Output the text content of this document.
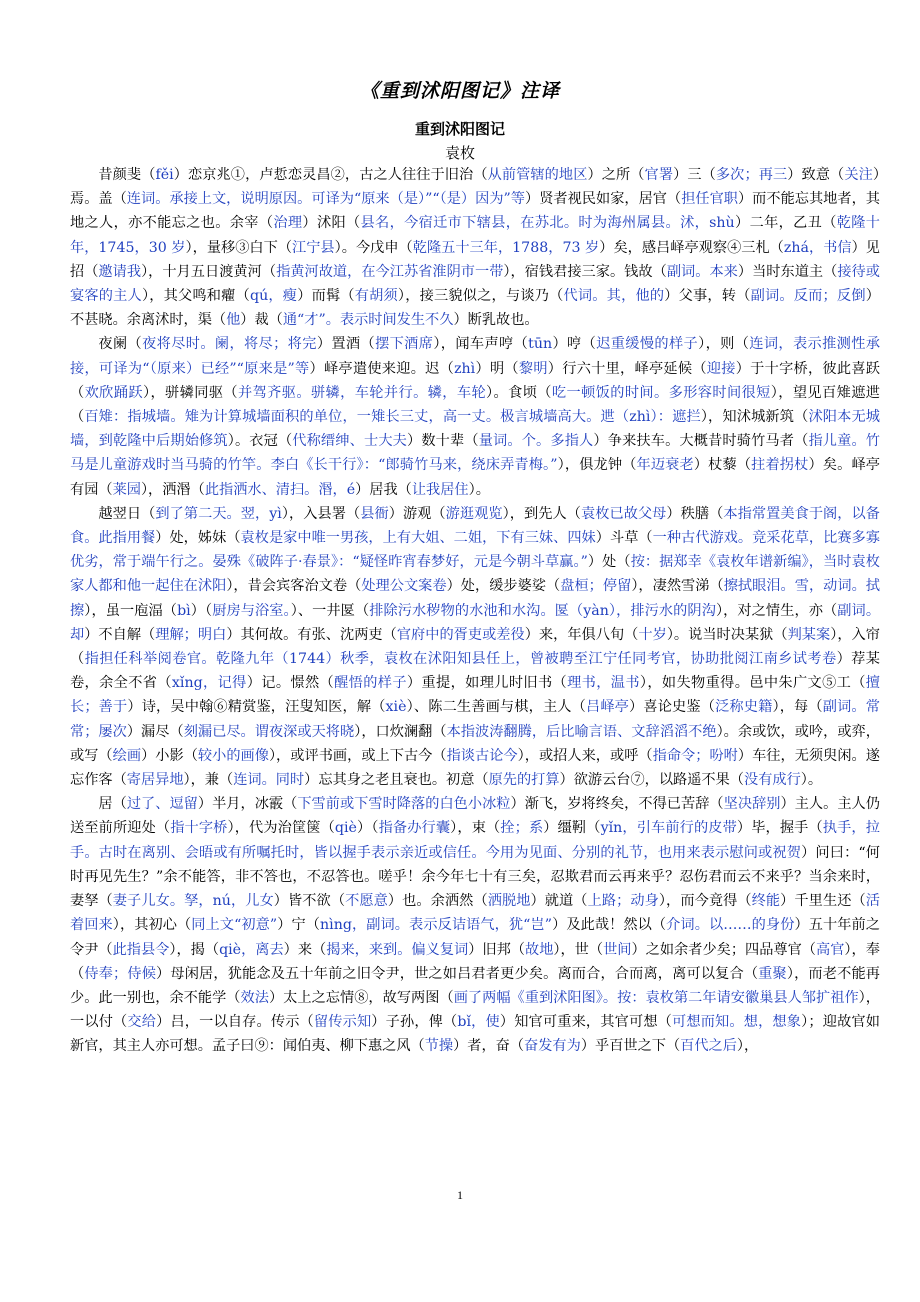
《重到沭阳图记》注译
重到沭阳图记
袁枚

昔颜斐（fěi）恋京兆①，卢悊恋灵昌②，古之人往往于旧治（从前管辖的地区）之所（官署）三（多次；再三）致意（关注）焉。盖（连词。承接上文，说明原因。可译为“原来（是）”“（是）因为”等）贤者视民如家，居官（担任官职）而不能忘其地者，其地之人，亦不能忘之也。余宰（治理）沭阳（县名，今宿迁市下辖县，在苏北。时为海州属县。沭，shù）二年，乙丑（乾隆十年，1745，30 岁），量移③白下（江宁县）。今戊申（乾隆五十三年，1788，73 岁）矣，感吕峄亭观察④三札（zhá，书信）见招（邀请我），十月五日渡黄河（指黄河故道，在今江苏省淮阴市一带），宿钱君接三家。钱故（副词。本来）当时东道主（接待或宴客的主人），其父鸣和癯（qú，瘦）而髯（有胡须），接三貌似之，与谈乃（代词。其，他的）父事，转（副词。反而；反倒）不甚晓。余离沭时，渠（他）裁（通“才”。表示时间发生不久）断乳故也。

夜阑（夜将尽时。阑，将尽；将完）置酒（摆下酒席），闻车声哼（tūn）哼（迟重缓慢的样子），则（连词，表示推测性承接，可译为“（原来）已经”“原来是”等）峄亭遣使来迎。迟（zhì）明（黎明）行六十里，峄亭延候（迎接）于十字桥，彼此喜跃（欢欣踊跃），骈辚同驱（并驾齐驱。骈辚，车轮并行。辚，车轮）。食顷（吃一顿饭的时间。多形容时间很短），望见百雉遮迣（百雉：指城墙。雉为计算城墙面积的单位，一雉长三丈，高一丈。极言城墙高大。迣（zhì）：遮拦），知沭城新筑（沭阳本无城墙，到乾隆中后期始修筑）。衣冠（代称缙绅、士大夫）数十辈（量词。个。多指人）争来扶车。大概昔时骑竹马者（指儿童。竹马是儿童游戏时当马骑的竹竿。李白《长干行》：“郎骑竹马来，绕床弄青梅。”），俱龙钟（年迈衰老）杖藜（拄着拐杖）矣。峄亭有园（莱园），洒湣（此指洒水、清扫。湣，é）居我（让我居住）。

越翌日（到了第二天。翌，yì），入县署（县衙）游观（游逛观览），到先人（袁枚已故父母）秩膳（本指常置美食于阁，以备食。此指用餐）处，姊妹（袁枚是家中唯一男孩，上有大姐、二姐，下有三妹、四妹）斗草（一种古代游戏。竞采花草，比赛多寡优劣，常于端午行之。晏殊《破阵子·春景》：“疑怪昨宵春梦好，元是今朝斗草赢。”）处（按：据郑幸《袁枚年谱新编》，当时袁枚家人都和他一起住在沭阳），昔会宾客治文卷（处理公文案卷）处，缓步婆娑（盘桓；停留），凄然雪涕（擦拭眼泪。雪，动词。拭擦），虽一庖湢（bì）（厨房与浴室。）、一井匽（排除污水秽物的水池和水沟。匽（yàn），排污水的阴沟），对之情生，亦（副词。却）不自解（理解；明白）其何故。有张、沈两吏（官府中的胥吏或差役）来，年俱八旬（十岁）。说当时决某狱（判某案），入帘（指担任科举阅卷官。乾隆九年（1744）秋季，袁枚在沭阳知县任上，曾被聘至江宁任同考官，协助批阅江南乡试考卷）荐某卷，余全不省（xǐng，记得）记。憬然（醒悟的样子）重提，如理儿时旧书（理书，温书），如失物重得。邑中朱广文⑤工（擅长；善于）诗，吴中翰⑥精赏鉴，汪叟知医，解（xiè）、陈二生善画与棋，主人（吕峄亭）喜论史鉴（泛称史籍），每（副词。常常；屡次）漏尽（刻漏已尽。谓夜深或天将晓），口炊澜翻（本指波涛翻腾，后比喻言语、文辞滔滔不绝）。余或饮，或吟，或弈，或写（绘画）小影（较小的画像），或评书画，或上下古今（指谈古论今），或招人来，或呼（指命令；吩咐）车往，无须臾闲。遂忘作客（寄居异地），兼（连词。同时）忘其身之老且衰也。初意（原先的打算）欲游云台⑦，以路遥不果（没有成行）。

居（过了、逗留）半月，冰霰（下雪前或下雪时降落的白色小冰粒）渐飞，岁将终矣，不得已苦辞（坚决辞别）主人。主人仍送至前所迎处（指十字桥），代为治筐箧（qiè）（指备办行囊），束（拴；系）缰靷（yǐn，引车前行的皮带）毕，握手（执手，拉手。古时在离别、会晤或有所嘱托时，皆以握手表示亲近或信任。今用为见面、分别的礼节，也用来表示慰问或祝贺）问曰：“何时再见先生？”余不能答，非不答也，不忍答也。嗟乎！余今年七十有三矣，忍欺君而云再来乎？忍伤君而云不来乎？当余来时，妻孥（妻子儿女。孥，nú，儿女）皆不欲（不愿意）也。余洒然（洒脱地）就道（上路；动身），而今竟得（终能）千里生还（活着回来），其初心（同上文“初意”）宁（nìng，副词。表示反诘语气，犹“岂”）及此哉！然以（介词。以……的身份）五十年前之令尹（此指县令），揭（qiè，离去）来（揭来，来到。偏义复词）旧邦（故地），世（世间）之如余者少矣；四品尊官（高官），奉（侍奉；侍候）母闲居，犹能念及五十年前之旧令尹，世之如吕君者更少矣。离而合，合而离，离可以复合（重聚），而老不能再少。此一别也，余不能学（效法）太上之忘情⑧，故写两图（画了两幅《重到沭阳图》。按：袁枚第二年请安徽巢县人邹扩祖作），一以付（交给）吕，一以自存。传示（留传示知）子孙，俾（bǐ，使）知官可重来，其官可想（可想而知。想，想象）；迎故官如新官，其主人亦可想。孟子曰⑨：闻伯夷、柳下惠之风（节操）者，奋（奋发有为）乎百世之下（百代之后），

1
